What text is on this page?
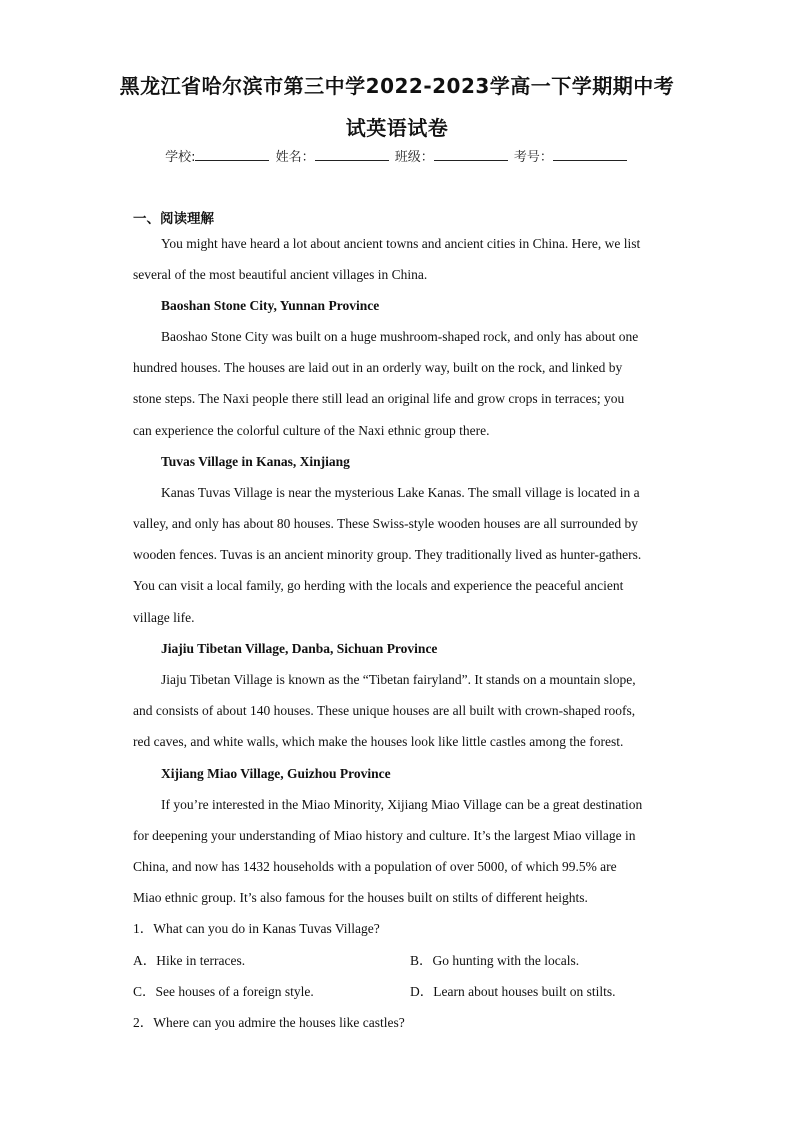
黑龙江省哈尔滨市第三中学2022-2023学高一下学期期中考
试英语试卷
学校:	姓名：	班级：	考号：
一、阅读理解
You might have heard a lot about ancient towns and ancient cities in China. Here, we list
several of the most beautiful ancient villages in China.
Baoshan Stone City, Yunnan Province
Baoshao Stone City was built on a huge mushroom-shaped rock, and only has about one
hundred houses. The houses are laid out in an orderly way, built on the rock, and linked by
stone steps. The Naxi people there still lead an original life and grow crops in terraces; you
can experience the colorful culture of the Naxi ethnic group there.
Tuvas Village in Kanas, Xinjiang
Kanas Tuvas Village is near the mysterious Lake Kanas. The small village is located in a
valley, and only has about 80 houses. These Swiss-style wooden houses are all surrounded by
wooden fences. Tuvas is an ancient minority group. They traditionally lived as hunter-gathers.
You can visit a local family, go herding with the locals and experience the peaceful ancient
village life.
Jiajiu Tibetan Village, Danba, Sichuan Province
Jiaju Tibetan Village is known as the “Tibetan fairyland”. It stands on a mountain slope,
and consists of about 140 houses. These unique houses are all built with crown-shaped roofs,
red caves, and white walls, which make the houses look like little castles among the forest.
Xijiang Miao Village, Guizhou Province
If you’re interested in the Miao Minority, Xijiang Miao Village can be a great destination
for deepening your understanding of Miao history and culture. It’s the largest Miao village in
China, and now has 1432 households with a population of over 5000, of which 99.5% are
Miao ethnic group. It’s also famous for the houses built on stilts of different heights.
1．What can you do in Kanas Tuvas Village?
A．Hike in terraces.	B．Go hunting with the locals.
C．See houses of a foreign style.	D．Learn about houses built on stilts.
2．Where can you admire the houses like castles?
